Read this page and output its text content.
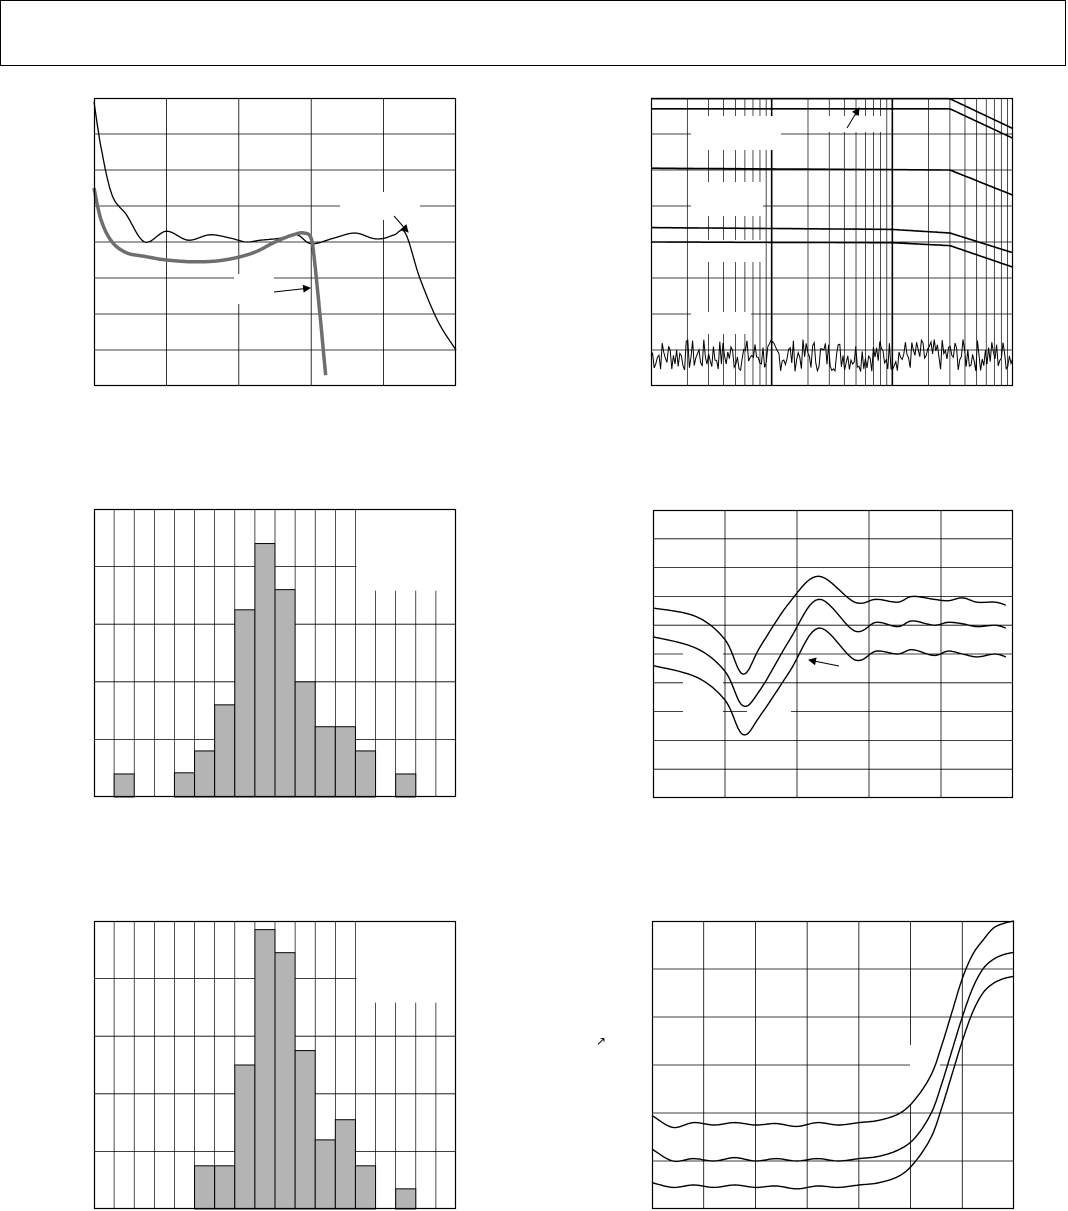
↗
